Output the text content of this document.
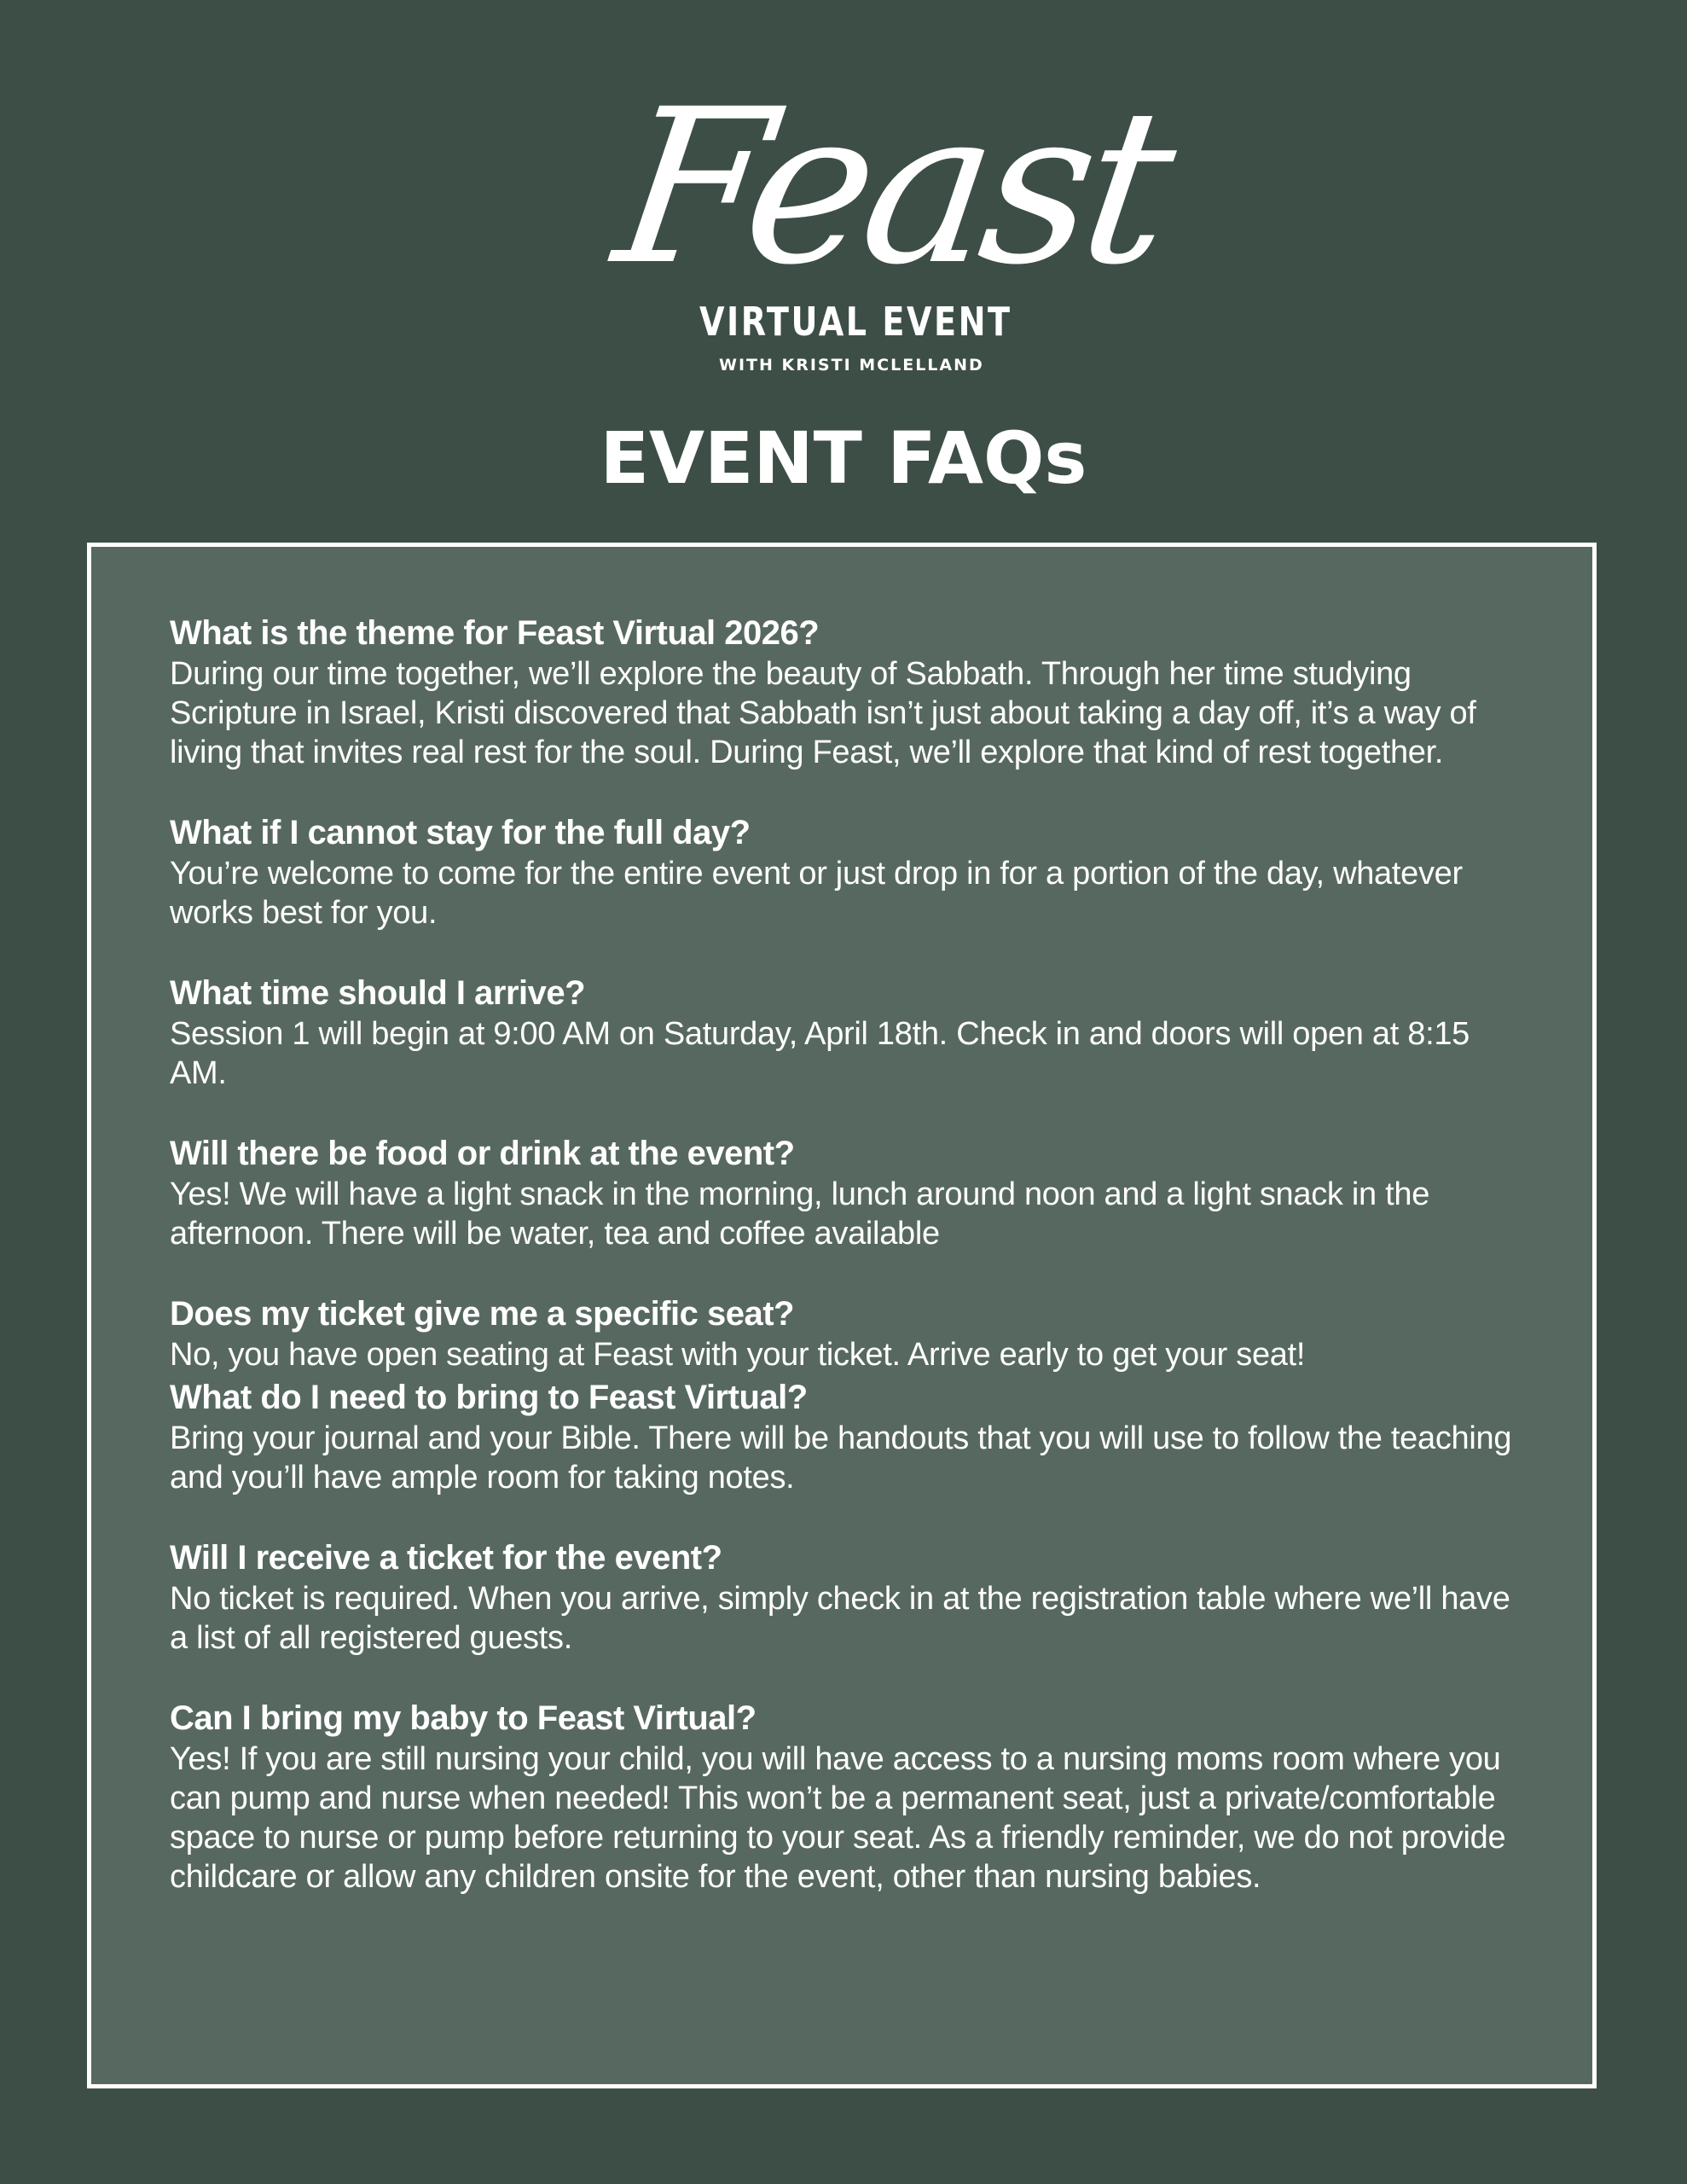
Feast
VIRTUAL EVENT
WITH KRISTI MCLELLAND
EVENT FAQs

What is the theme for Feast Virtual 2026?

During our time together, we’ll explore the beauty of Sabbath. Through her time studying Scripture in Israel, Kristi discovered that Sabbath isn’t just about taking a day off, it’s a way of living that invites real rest for the soul. During Feast, we’ll explore that kind of rest together.

What if I cannot stay for the full day?

You’re welcome to come for the entire event or just drop in for a portion of the day, whatever works best for you.

What time should I arrive?

Session 1 will begin at 9:00 AM on Saturday, April 18th. Check in and doors will open at 8:15 AM.

Will there be food or drink at the event?

Yes! We will have a light snack in the morning, lunch around noon and a light snack in the afternoon. There will be water, tea and coffee available

Does my ticket give me a specific seat?

No, you have open seating at Feast with your ticket. Arrive early to get your seat!

What do I need to bring to Feast Virtual?

Bring your journal and your Bible. There will be handouts that you will use to follow the teaching and you’ll have ample room for taking notes.

Will I receive a ticket for the event?

No ticket is required. When you arrive, simply check in at the registration table where we’ll have a list of all registered guests.

Can I bring my baby to Feast Virtual?

Yes! If you are still nursing your child, you will have access to a nursing moms room where you can pump and nurse when needed! This won’t be a permanent seat, just a private/comfortable space to nurse or pump before returning to your seat. As a friendly reminder, we do not provide childcare or allow any children onsite for the event, other than nursing babies.
